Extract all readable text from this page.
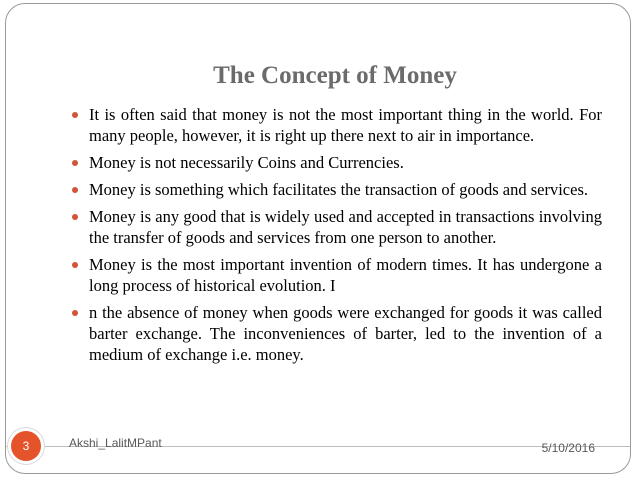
The Concept of Money
It is often said that money is not the most important thing in the world. For many people, however, it is right up there next to air in importance.
Money is not necessarily Coins and Currencies.
Money is something which facilitates the transaction of goods and services.
Money is any good that is widely used and accepted in transactions involving the transfer of goods and services from one person to another.
Money is the most important invention of modern times. It has undergone a long process of historical evolution. I
n the absence of money when goods were exchanged for goods it was called barter exchange. The inconveniences of barter, led to the invention of a medium of exchange i.e. money.
3	Akshi_LalitMPant	5/10/2016
